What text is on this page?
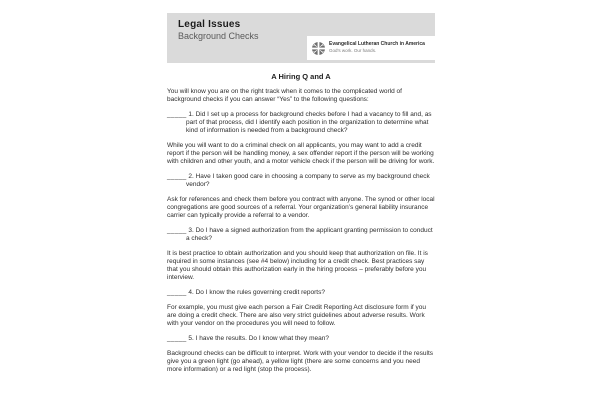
Legal Issues
Background Checks
Evangelical Lutheran Church in America
God’s work. Our hands.
A Hiring Q and A

You will know you are on the right track when it comes to the complicated world of background checks if you can answer “Yes” to the following questions:

_____ 1. Did I set up a process for background checks before I had a vacancy to fill and, as part of that process, did I identify each position in the organization to determine what kind of information is needed from a background check?

While you will want to do a criminal check on all applicants, you may want to add a credit report if the person will be handling money, a sex offender report if the person will be working with children and other youth, and a motor vehicle check if the person will be driving for work.

_____ 2. Have I taken good care in choosing a company to serve as my background check vendor?

Ask for references and check them before you contract with anyone. The synod or other local congregations are good sources of a referral. Your organization’s general liability insurance carrier can typically provide a referral to a vendor.

_____ 3. Do I have a signed authorization from the applicant granting permission to conduct a check?

It is best practice to obtain authorization and you should keep that authorization on file. It is required in some instances (see #4 below) including for a credit check. Best practices say that you should obtain this authorization early in the hiring process – preferably before you interview.

_____ 4. Do I know the rules governing credit reports?

For example, you must give each person a Fair Credit Reporting Act disclosure form if you are doing a credit check. There are also very strict guidelines about adverse results. Work with your vendor on the procedures you will need to follow.

_____ 5. I have the results. Do I know what they mean?

Background checks can be difficult to interpret. Work with your vendor to decide if the results give you a green light (go ahead), a yellow light (there are some concerns and you need more information) or a red light (stop the process).
